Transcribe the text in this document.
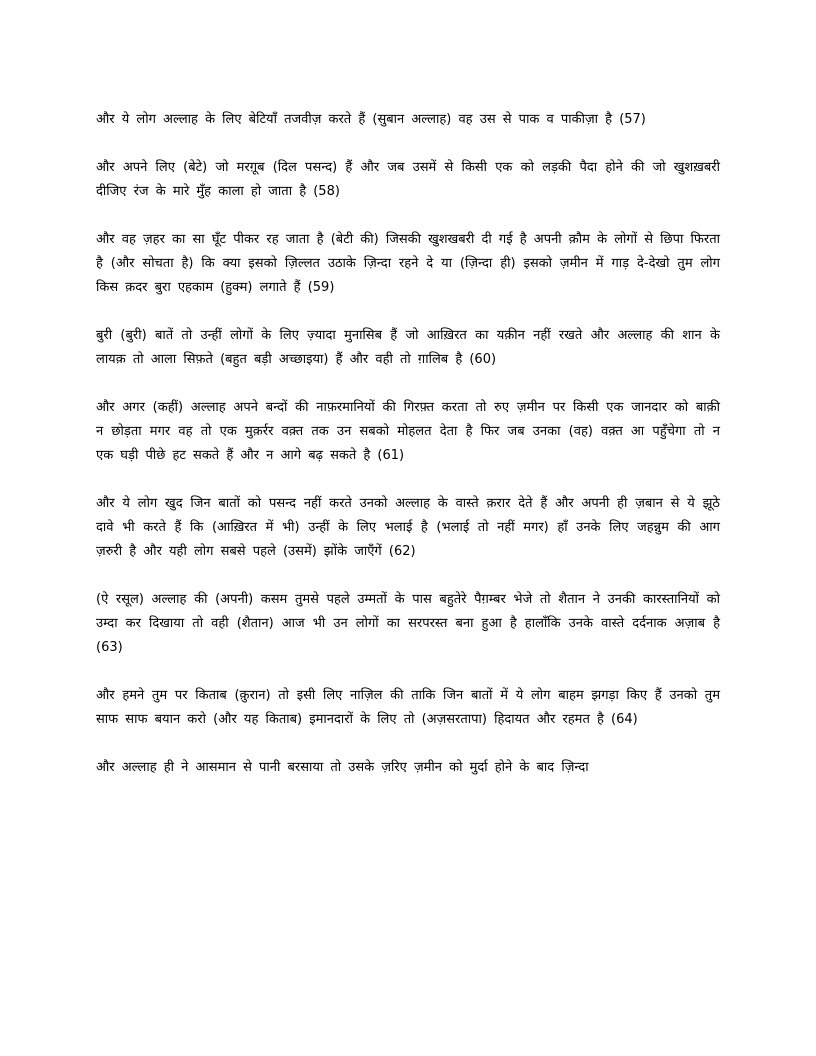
और ये लोग अल्लाह के लिए बेटियाँ तजवीज़ करते हैं (सुबान अल्लाह) वह उस से पाक व पाकीज़ा है (57)

और अपने लिए (बेटे) जो मरग़ूब (दिल पसन्द) हैं और जब उसमें से किसी एक को लड़की पैदा होने की जो खुशख़बरी दीजिए रंज के मारे मुँह काला हो जाता है (58)

और वह ज़हर का सा घूँट पीकर रह जाता है (बेटी की) जिसकी खुशखबरी दी गई है अपनी क़ौम के लोगों से छिपा फिरता है (और सोचता है) कि क्या इसको ज़िल्लत उठाके ज़िन्दा रहने दे या (ज़िन्दा ही) इसको ज़मीन में गाड़ दे-देखो तुम लोग किस क़दर बुरा एहकाम (हुक्म) लगाते हैं (59)

बुरी (बुरी) बातें तो उन्हीं लोगों के लिए ज़्यादा मुनासिब हैं जो आख़िरत का यक़ीन नहीं रखते और अल्लाह की शान के लायक़ तो आला सिफ़ते (बहुत बड़ी अच्छाइया) हैं और वही तो ग़ालिब है (60)

और अगर (कहीं) अल्लाह अपने बन्दों की नाफ़रमानियों की गिरफ़्त करता तो रुए ज़मीन पर किसी एक जानदार को बाक़ी न छोड़ता मगर वह तो एक मुक़र्रर वक़्त तक उन सबको मोहलत देता है फिर जब उनका (वह) वक़्त आ पहुँचेगा तो न एक घड़ी पीछे हट सकते हैं और न आगे बढ़ सकते है (61)

और ये लोग खुद जिन बातों को पसन्द नहीं करते उनको अल्लाह के वास्ते क़रार देते हैं और अपनी ही ज़बान से ये झूठे दावे भी करते हैं कि (आख़िरत में भी) उन्हीं के लिए भलाई है (भलाई तो नहीं मगर) हाँ उनके लिए जहन्नुम की आग ज़रुरी है और यही लोग सबसे पहले (उसमें) झोंके जाएँगें (62)

(ऐ रसूल) अल्लाह की (अपनी) कसम तुमसे पहले उम्मतों के पास बहुतेरे पैग़म्बर भेजे तो शैतान ने उनकी कारस्तानियों को उम्दा कर दिखाया तो वही (शैतान) आज भी उन लोगों का सरपरस्त बना हुआ है हालाँकि उनके वास्ते दर्दनाक अज़ाब है (63)

और हमने तुम पर किताब (क़ुरान) तो इसी लिए नाज़िल की ताकि जिन बातों में ये लोग बाहम झगड़ा किए हैं उनको तुम साफ साफ बयान करो (और यह किताब) इमानदारों के लिए तो (अज़सरतापा) हिदायत और रहमत है (64)

और अल्लाह ही ने आसमान से पानी बरसाया तो उसके ज़रिए ज़मीन को मुर्दा होने के बाद ज़िन्दा
